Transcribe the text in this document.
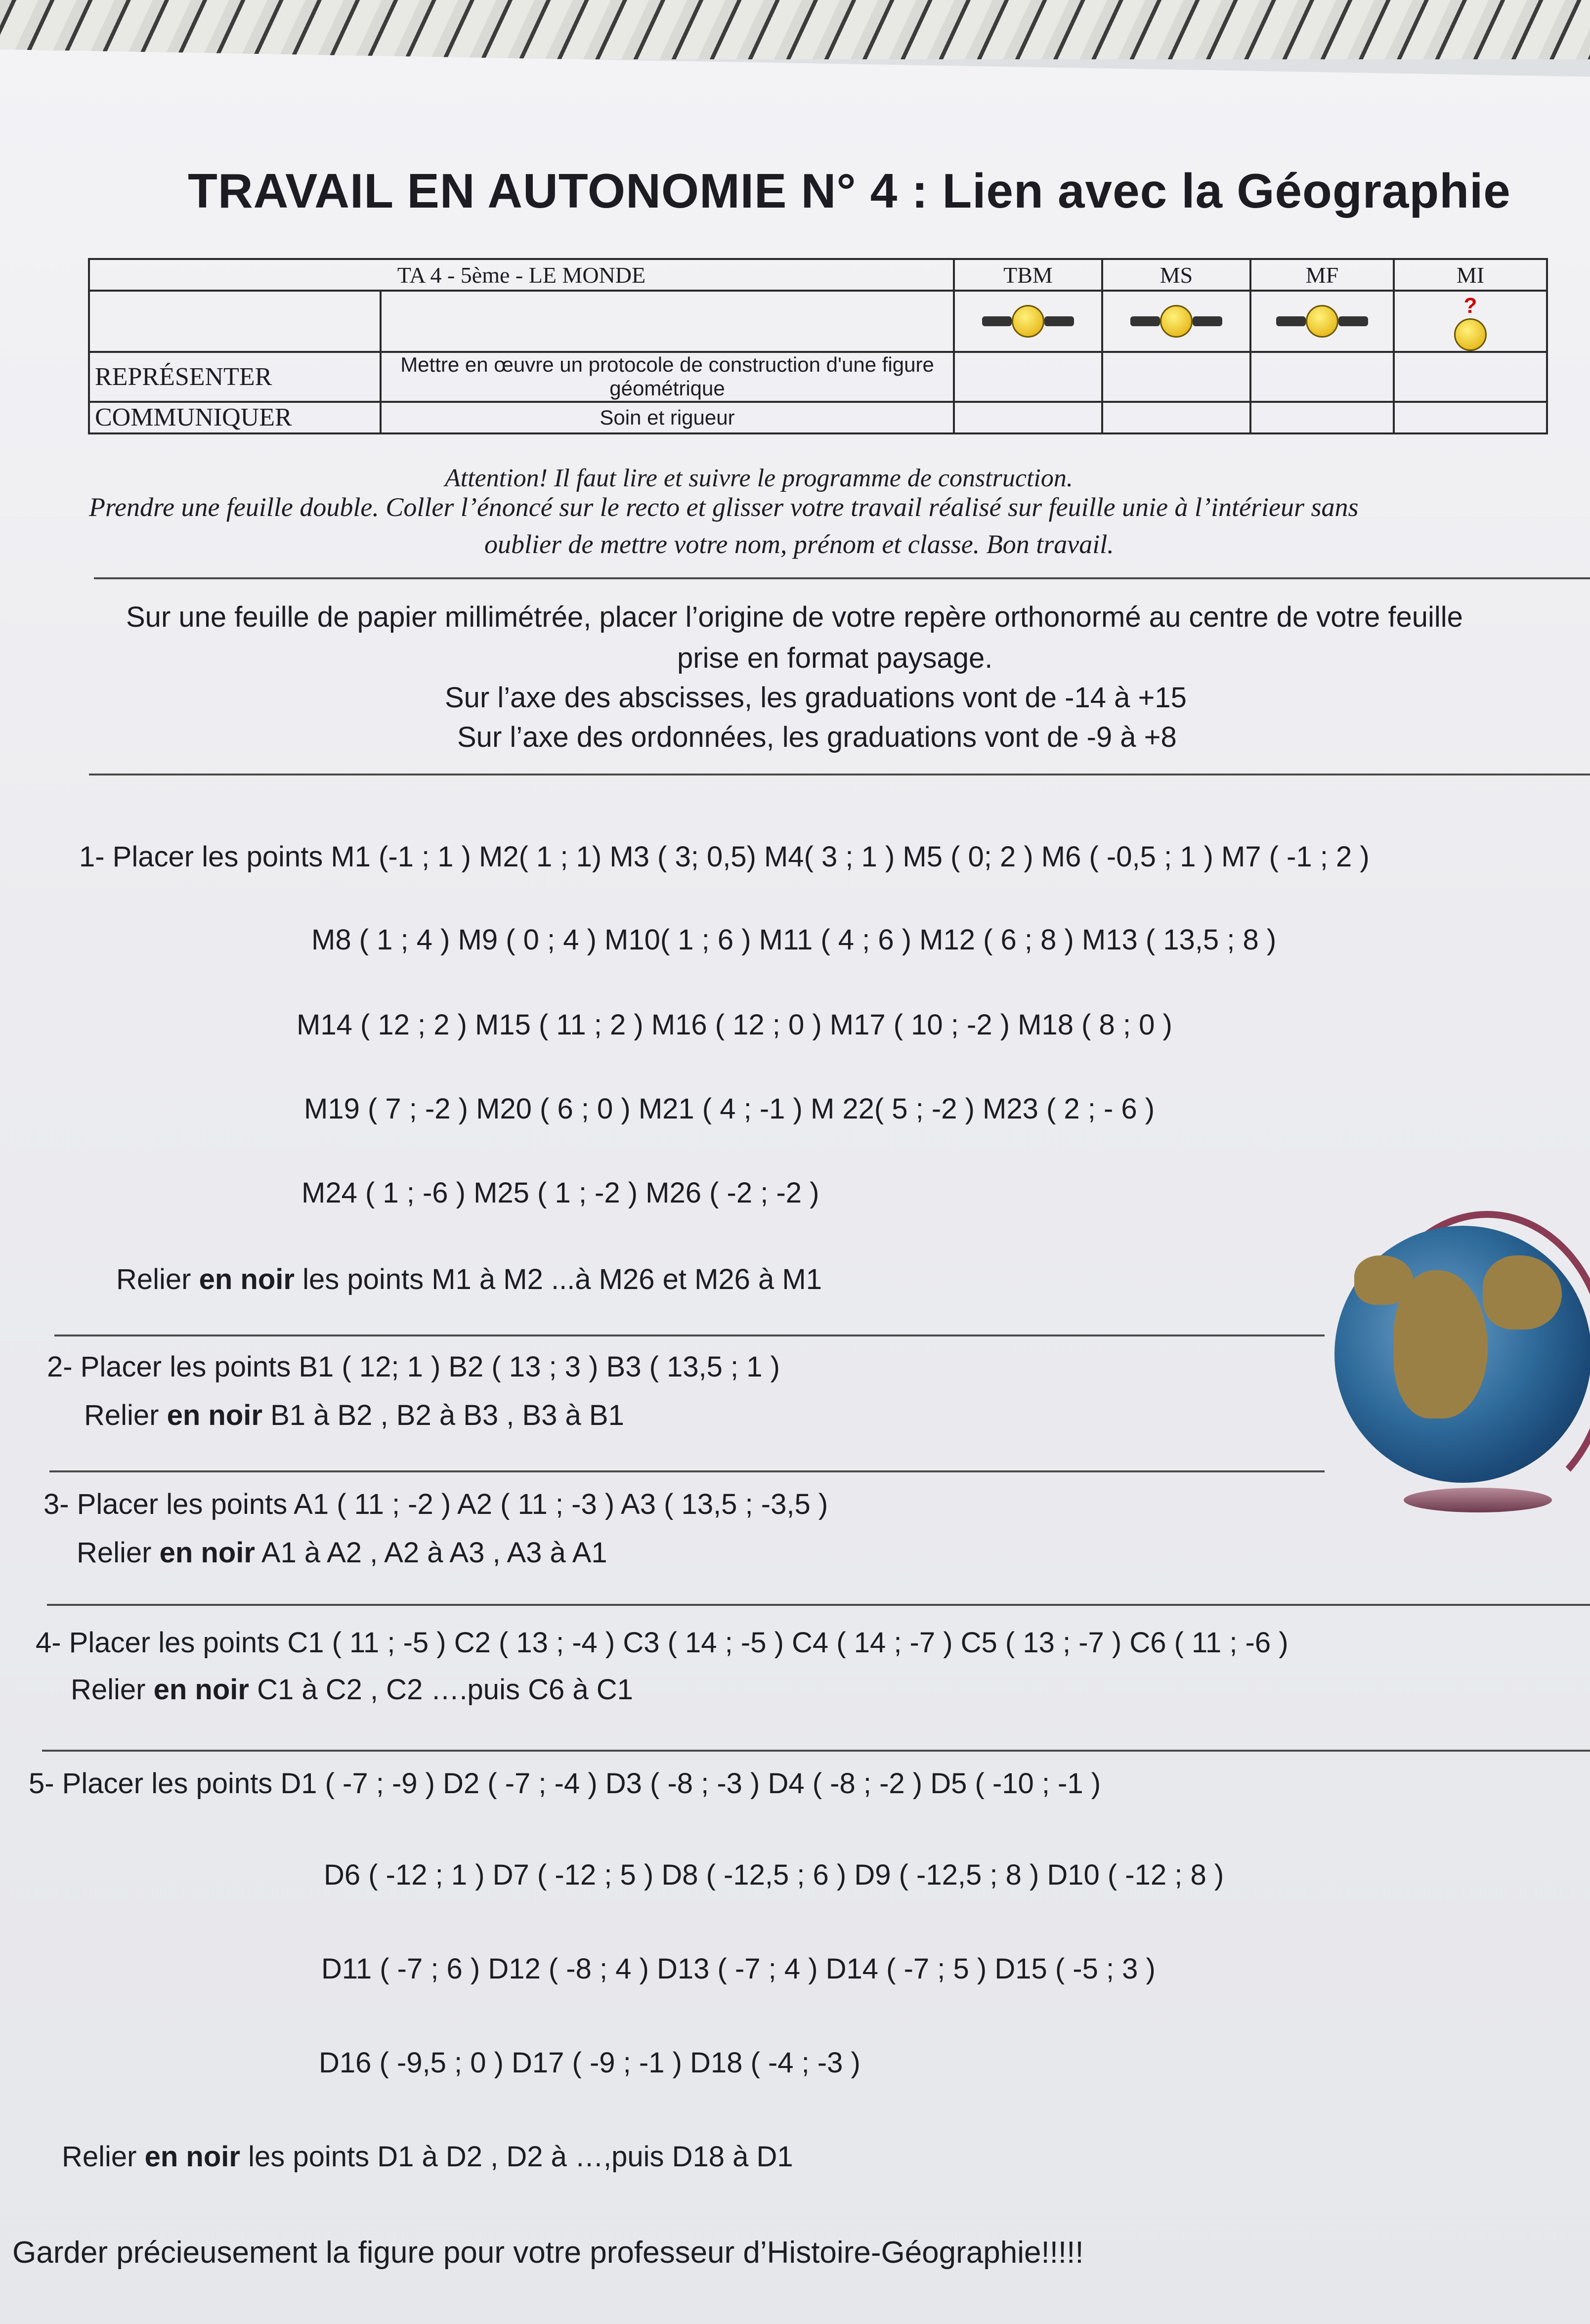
TRAVAIL EN AUTONOMIE N° 4 : Lien avec la Géographie
TA 4 - 5ème - LE MONDE		TBM	MS	MF	MI
					?

REPRÉSENTER	Mettre en œuvre un protocole de construction d'une figure géométrique				
COMMUNIQUER	Soin et rigueur				
Attention! Il faut lire et suivre le programme de construction.
Prendre une feuille double. Coller l’énoncé sur le recto et glisser votre travail réalisé sur feuille unie à l’intérieur sans
oublier de mettre votre nom, prénom et classe. Bon travail.
Sur une feuille de papier millimétrée, placer l’origine de votre repère orthonormé au centre de votre feuille
prise en format paysage.
Sur l’axe des abscisses, les graduations vont de -14 à +15
Sur l’axe des ordonnées, les graduations vont de -9 à +8
1- Placer les points M1 (-1 ; 1 ) M2( 1 ; 1) M3 ( 3; 0,5) M4( 3 ; 1 ) M5 ( 0; 2 ) M6 ( -0,5 ; 1 ) M7 ( -1 ; 2 )
M8 ( 1 ; 4 ) M9 ( 0 ; 4 ) M10( 1 ; 6 ) M11 ( 4 ; 6 ) M12 ( 6 ; 8 ) M13 ( 13,5 ; 8 )
M14 ( 12 ; 2 ) M15 ( 11 ; 2 ) M16 ( 12 ; 0 ) M17 ( 10 ; -2 ) M18 ( 8 ; 0 )
M19 ( 7 ; -2 ) M20 ( 6 ; 0 ) M21 ( 4 ; -1 ) M 22( 5 ; -2 ) M23 ( 2 ; - 6 )
M24 ( 1 ; -6 ) M25 ( 1 ; -2 ) M26 ( -2 ; -2 )
Relier en noir les points M1 à M2 ...à M26 et M26 à M1
2- Placer les points B1 ( 12; 1 ) B2 ( 13 ; 3 ) B3 ( 13,5 ; 1 )
Relier en noir B1 à B2 , B2 à B3 , B3 à B1
3- Placer les points A1 ( 11 ; -2 ) A2 ( 11 ; -3 ) A3 ( 13,5 ; -3,5 )
Relier en noir A1 à A2 , A2 à A3 , A3 à A1
4- Placer les points C1 ( 11 ; -5 ) C2 ( 13 ; -4 ) C3 ( 14 ; -5 ) C4 ( 14 ; -7 ) C5 ( 13 ; -7 ) C6 ( 11 ; -6 )
Relier en noir C1 à C2 , C2 ….puis C6 à C1
5- Placer les points D1 ( -7 ; -9 ) D2 ( -7 ; -4 ) D3 ( -8 ; -3 ) D4 ( -8 ; -2 ) D5 ( -10 ; -1 )
D6 ( -12 ; 1 ) D7 ( -12 ; 5 ) D8 ( -12,5 ; 6 ) D9 ( -12,5 ; 8 ) D10 ( -12 ; 8 )
D11 ( -7 ; 6 ) D12 ( -8 ; 4 ) D13 ( -7 ; 4 ) D14 ( -7 ; 5 ) D15 ( -5 ; 3 )
D16 ( -9,5 ; 0 ) D17 ( -9 ; -1 ) D18 ( -4 ; -3 )
Relier en noir les points D1 à D2 , D2 à …,puis D18 à D1
Garder précieusement la figure pour votre professeur d’Histoire-Géographie!!!!!
